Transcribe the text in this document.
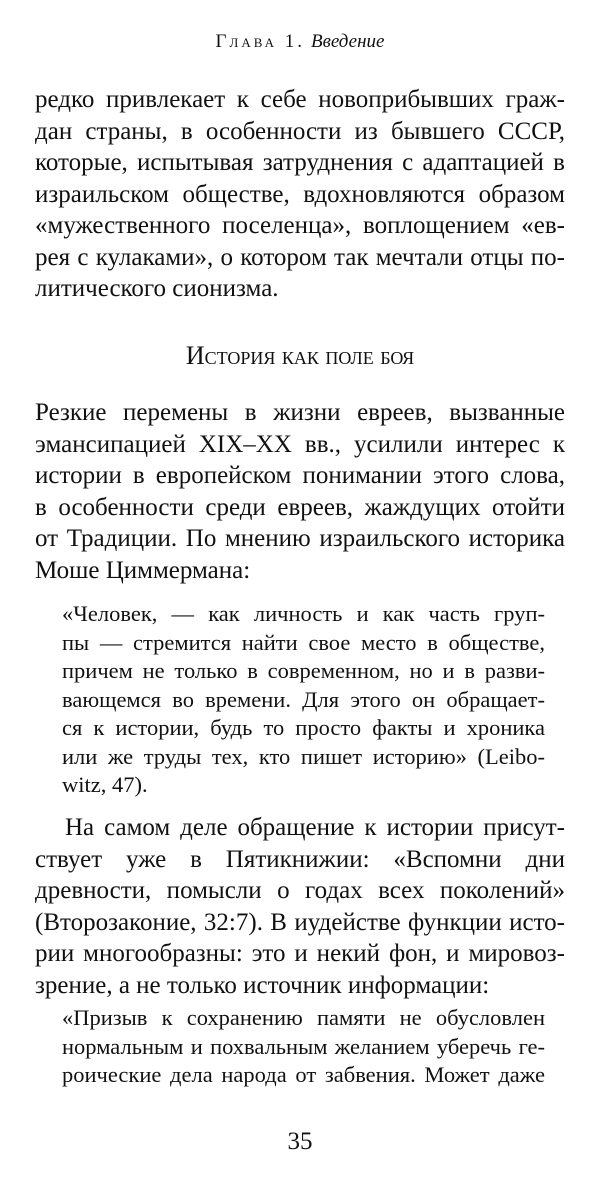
Глава 1. Введение
редко привлекает к себе новоприбывших граж-
дан страны, в особенности из бывшего СССР,
которые, испытывая затруднения с адаптацией в
израильском обществе, вдохновляются образом
«мужественного поселенца», воплощением «ев-
рея с кулаками», о котором так мечтали отцы по-
литического сионизма.
История как поле боя
Резкие перемены в жизни евреев, вызванные
эмансипацией XIX–XX вв., усилили интерес к
истории в европейском понимании этого слова,
в особенности среди евреев, жаждущих отойти
от Традиции. По мнению израильского историка
Моше Циммермана:
«Человек, — как личность и как часть груп-
пы — стремится найти свое место в обществе,
причем не только в современном, но и в разви-
вающемся во времени. Для этого он обращает-
ся к истории, будь то просто факты и хроника
или же труды тех, кто пишет историю» (Leibo-
witz, 47).
На самом деле обращение к истории присут-
ствует уже в Пятикнижии: «Вспомни дни
древности, помысли о годах всех поколений»
(Второзаконие, 32:7). В иудействе функции исто-
рии многообразны: это и некий фон, и мировоз-
зрение, а не только источник информации:
«Призыв к сохранению памяти не обусловлен
нормальным и похвальным желанием уберечь ге-
роические дела народа от забвения. Может даже
35
